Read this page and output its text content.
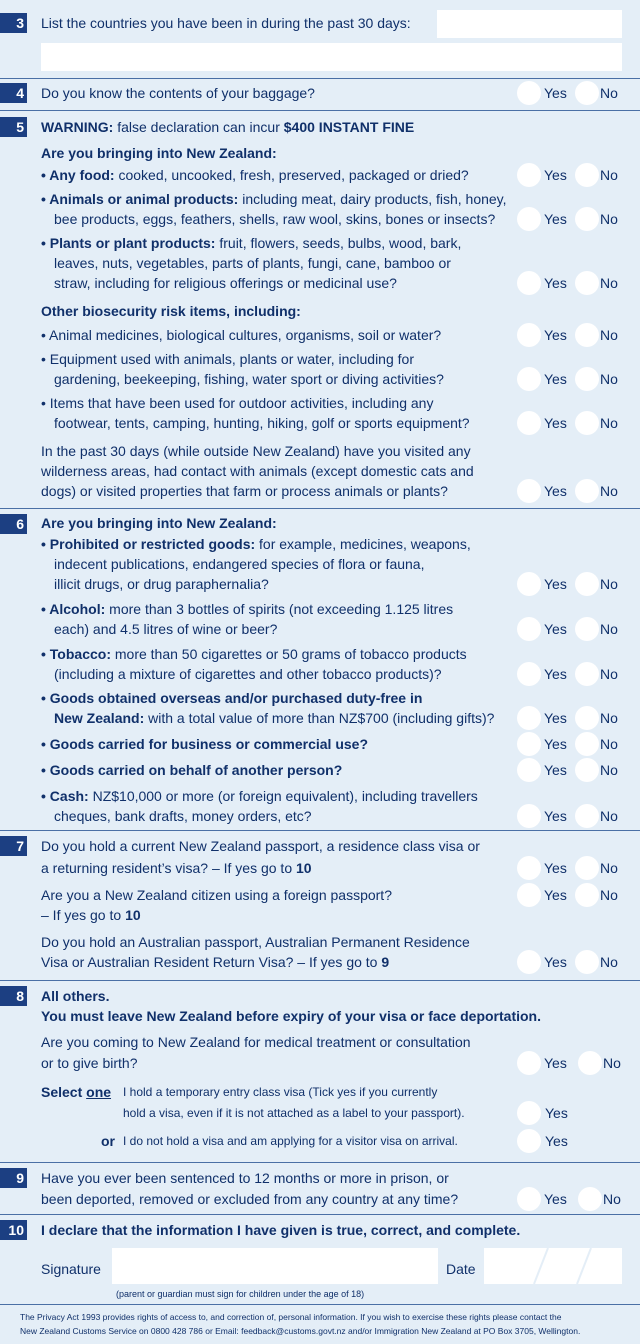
3 List the countries you have been in during the past 30 days:
4 Do you know the contents of your baggage?	Yes No
5 WARNING: false declaration can incur $400 INSTANT FINE
Are you bringing into New Zealand:
• Any food: cooked, uncooked, fresh, preserved, packaged or dried?	Yes No
• Animals or animal products: including meat, dairy products, fish, honey,
bee products, eggs, feathers, shells, raw wool, skins, bones or insects?	Yes No
• Plants or plant products: fruit, flowers, seeds, bulbs, wood, bark,
leaves, nuts, vegetables, parts of plants, fungi, cane, bamboo or
straw, including for religious offerings or medicinal use?	Yes No
Other biosecurity risk items, including:
• Animal medicines, biological cultures, organisms, soil or water?	Yes No
• Equipment used with animals, plants or water, including for
gardening, beekeeping, fishing, water sport or diving activities?	Yes No
• Items that have been used for outdoor activities, including any
footwear, tents, camping, hunting, hiking, golf or sports equipment?	Yes No
In the past 30 days (while outside New Zealand) have you visited any
wilderness areas, had contact with animals (except domestic cats and
dogs) or visited properties that farm or process animals or plants?	Yes No
6 Are you bringing into New Zealand:
• Prohibited or restricted goods: for example, medicines, weapons,
indecent publications, endangered species of flora or fauna,
illicit drugs, or drug paraphernalia?	Yes No
• Alcohol: more than 3 bottles of spirits (not exceeding 1.125 litres
each) and 4.5 litres of wine or beer?	Yes No
• Tobacco: more than 50 cigarettes or 50 grams of tobacco products
(including a mixture of cigarettes and other tobacco products)?	Yes No
• Goods obtained overseas and/or purchased duty-free in
New Zealand: with a total value of more than NZ$700 (including gifts)?	Yes No
• Goods carried for business or commercial use?	Yes No
• Goods carried on behalf of another person?	Yes No
• Cash: NZ$10,000 or more (or foreign equivalent), including travellers
cheques, bank drafts, money orders, etc?	Yes No
7 Do you hold a current New Zealand passport, a residence class visa or
a returning resident’s visa? – If yes go to 10	Yes No
Are you a New Zealand citizen using a foreign passport?
– If yes go to 10
Yes No
Do you hold an Australian passport, Australian Permanent Residence
Visa or Australian Resident Return Visa? – If yes go to 9	Yes No
8 All others.
You must leave New Zealand before expiry of your visa or face deportation.
Are you coming to New Zealand for medical treatment or consultation
or to give birth?	Yes	No
Select one I hold a temporary entry class visa (Tick yes if you currently
hold a visa, even if it is not attached as a label to your passport).	Yes
or I do not hold a visa and am applying for a visitor visa on arrival.	Yes
9 Have you ever been sentenced to 12 months or more in prison, or
been deported, removed or excluded from any country at any time?	Yes	No
10 I declare that the information I have given is true, correct, and complete.
Signature	Date
(parent or guardian must sign for children under the age of 18)
The Privacy Act 1993 provides rights of access to, and correction of, personal information. If you wish to exercise these rights please contact the
New Zealand Customs Service on 0800 428 786 or Email: feedback@customs.govt.nz and/or Immigration New Zealand at PO Box 3705, Wellington.
